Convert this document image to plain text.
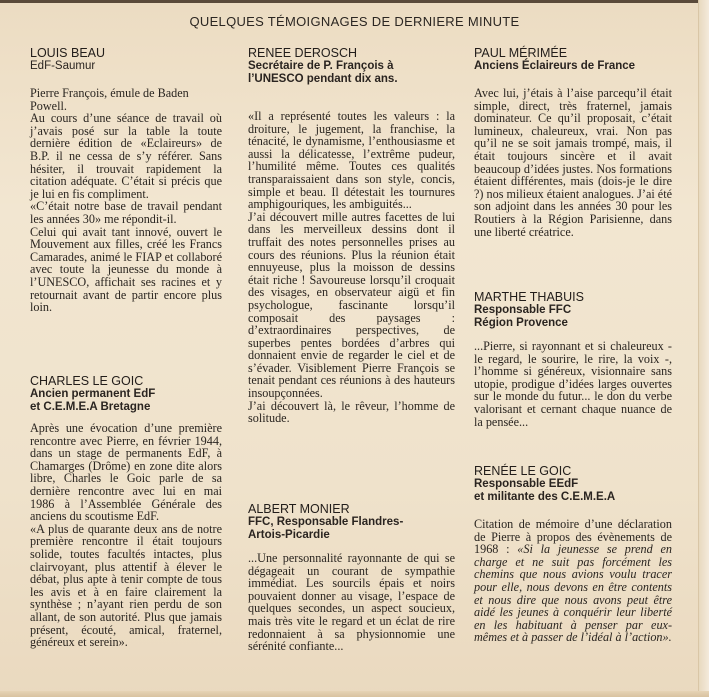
QUELQUES TÉMOIGNAGES DE DERNIERE MINUTE
LOUIS BEAU
EdF-Saumur

Pierre François, émule de Baden Powell.

Au cours d’une séance de travail où j’avais posé sur la table la toute dernière édition de «Eclaireurs» de B.P. il ne cessa de s’y référer. Sans hésiter, il trouvait rapidement la citation adéquate. C’était si précis que je lui en fis compliment.

«C’était notre base de travail pendant les années 30» me répondit-il.

Celui qui avait tant innové, ouvert le Mouvement aux filles, créé les Francs Camarades, animé le FIAP et collaboré avec toute la jeunesse du monde à l’UNESCO, affichait ses racines et y retournait avant de partir encore plus loin.

CHARLES LE GOIC
Ancien permanent EdF
et C.E.M.E.A Bretagne

Après une évocation d’une première rencontre avec Pierre, en février 1944, dans un stage de permanents EdF, à Chamarges (Drôme) en zone dite alors libre, Charles le Goic parle de sa dernière rencontre avec lui en mai 1986 à l’Assemblée Générale des anciens du scoutisme EdF.

«A plus de quarante deux ans de notre première rencontre il était toujours solide, toutes facultés intactes, plus clairvoyant, plus attentif à élever le débat, plus apte à tenir compte de tous les avis et à en faire clairement la synthèse ; n’ayant rien perdu de son allant, de son autorité. Plus que jamais présent, écouté, amical, fraternel, généreux et serein».

RENEE DEROSCH
Secrétaire de P. François à
l’UNESCO pendant dix ans.

«Il a représenté toutes les valeurs : la droiture, le jugement, la franchise, la ténacité, le dynamisme, l’enthousiasme et aussi la délicatesse, l’extrême pudeur, l’humilité même. Toutes ces qualités transparaissaient dans son style, concis, simple et beau. Il détestait les tournures amphigouriques, les ambiguités...

J’ai découvert mille autres facettes de lui dans les merveilleux dessins dont il truffait des notes personnelles prises au cours des réunions. Plus la réunion était ennuyeuse, plus la moisson de dessins était riche ! Savoureuse lorsqu’il croquait des visages, en observateur aigü et fin psychologue, fascinante lorsqu’il composait des paysages : d’extraordinaires perspectives, de superbes pentes bordées d’arbres qui donnaient envie de regarder le ciel et de s’évader. Visiblement Pierre François se tenait pendant ces réunions à des hauteurs insoupçonnées.

J’ai découvert là, le rêveur, l’homme de solitude.

ALBERT MONIER
FFC, Responsable Flandres-
Artois-Picardie

...Une personnalité rayonnante de qui se dégageait un courant de sympathie immédiat. Les sourcils épais et noirs pouvaient donner au visage, l’espace de quelques secondes, un aspect soucieux, mais très vite le regard et un éclat de rire redonnaient à sa physionnomie une sérénité confiante...

PAUL MÉRIMÉE
Anciens Éclaireurs de France

Avec lui, j’étais à l’aise parcequ’il était simple, direct, très fraternel, jamais dominateur. Ce qu’il proposait, c’était lumineux, chaleureux, vrai. Non pas qu’il ne se soit jamais trompé, mais, il était toujours sincère et il avait beaucoup d’idées justes. Nos formations étaient différentes, mais (dois-je le dire ?) nos milieux étaient analogues. J’ai été son adjoint dans les années 30 pour les Routiers à la Région Parisienne, dans une liberté créatrice.

MARTHE THABUIS
Responsable FFC
Région Provence

...Pierre, si rayonnant et si chaleureux - le regard, le sourire, le rire, la voix -, l’homme si généreux, visionnaire sans utopie, prodigue d’idées larges ouvertes sur le monde du futur... le don du verbe valorisant et cernant chaque nuance de la pensée...

RENÉE LE GOIC
Responsable EEdF
et militante des C.E.M.E.A

Citation de mémoire d’une déclaration de Pierre à propos des évènements de 1968 : «Si la jeunesse se prend en charge et ne suit pas forcément les chemins que nous avions voulu tracer pour elle, nous devons en être contents et nous dire que nous avons peut être aidé les jeunes à conquérir leur liberté en les habituant à penser par eux-mêmes et à passer de l’idéal à l’action».
